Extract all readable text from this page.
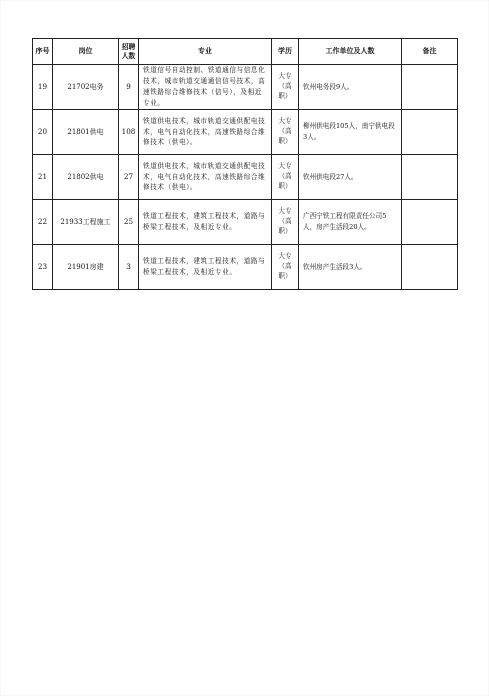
序号	岗位	招聘人数	专业	学历	工作单位及人数	备注
19	21702电务	9	铁道信号自动控制、铁道通信与信息化技术，城市轨道交通通信信号技术，高速铁路综合维修技术（信号），及相近专业。	大专
（高
职）	钦州电务段9人。	
20	21801供电	108	铁道供电技术，城市轨道交通供配电技术，电气自动化技术，高速铁路综合维修技术（供电）。	大专
（高
职）	柳州供电段105人，南宁供电段3人。	
21	21802供电	27	铁道供电技术，城市轨道交通供配电技术，电气自动化技术，高速铁路综合维修技术（供电）。	大专
（高
职）	钦州供电段27人。	
22	21933工程施工	25	铁道工程技术，建筑工程技术，道路与桥梁工程技术，及相近专业。	大专
（高
职）	广西宁铁工程有限责任公司5人，房产生活段20人。	
23	21901房建	3	铁道工程技术，建筑工程技术，道路与桥梁工程技术，及相近专业。	大专
（高
职）	钦州房产生活段3人。	
